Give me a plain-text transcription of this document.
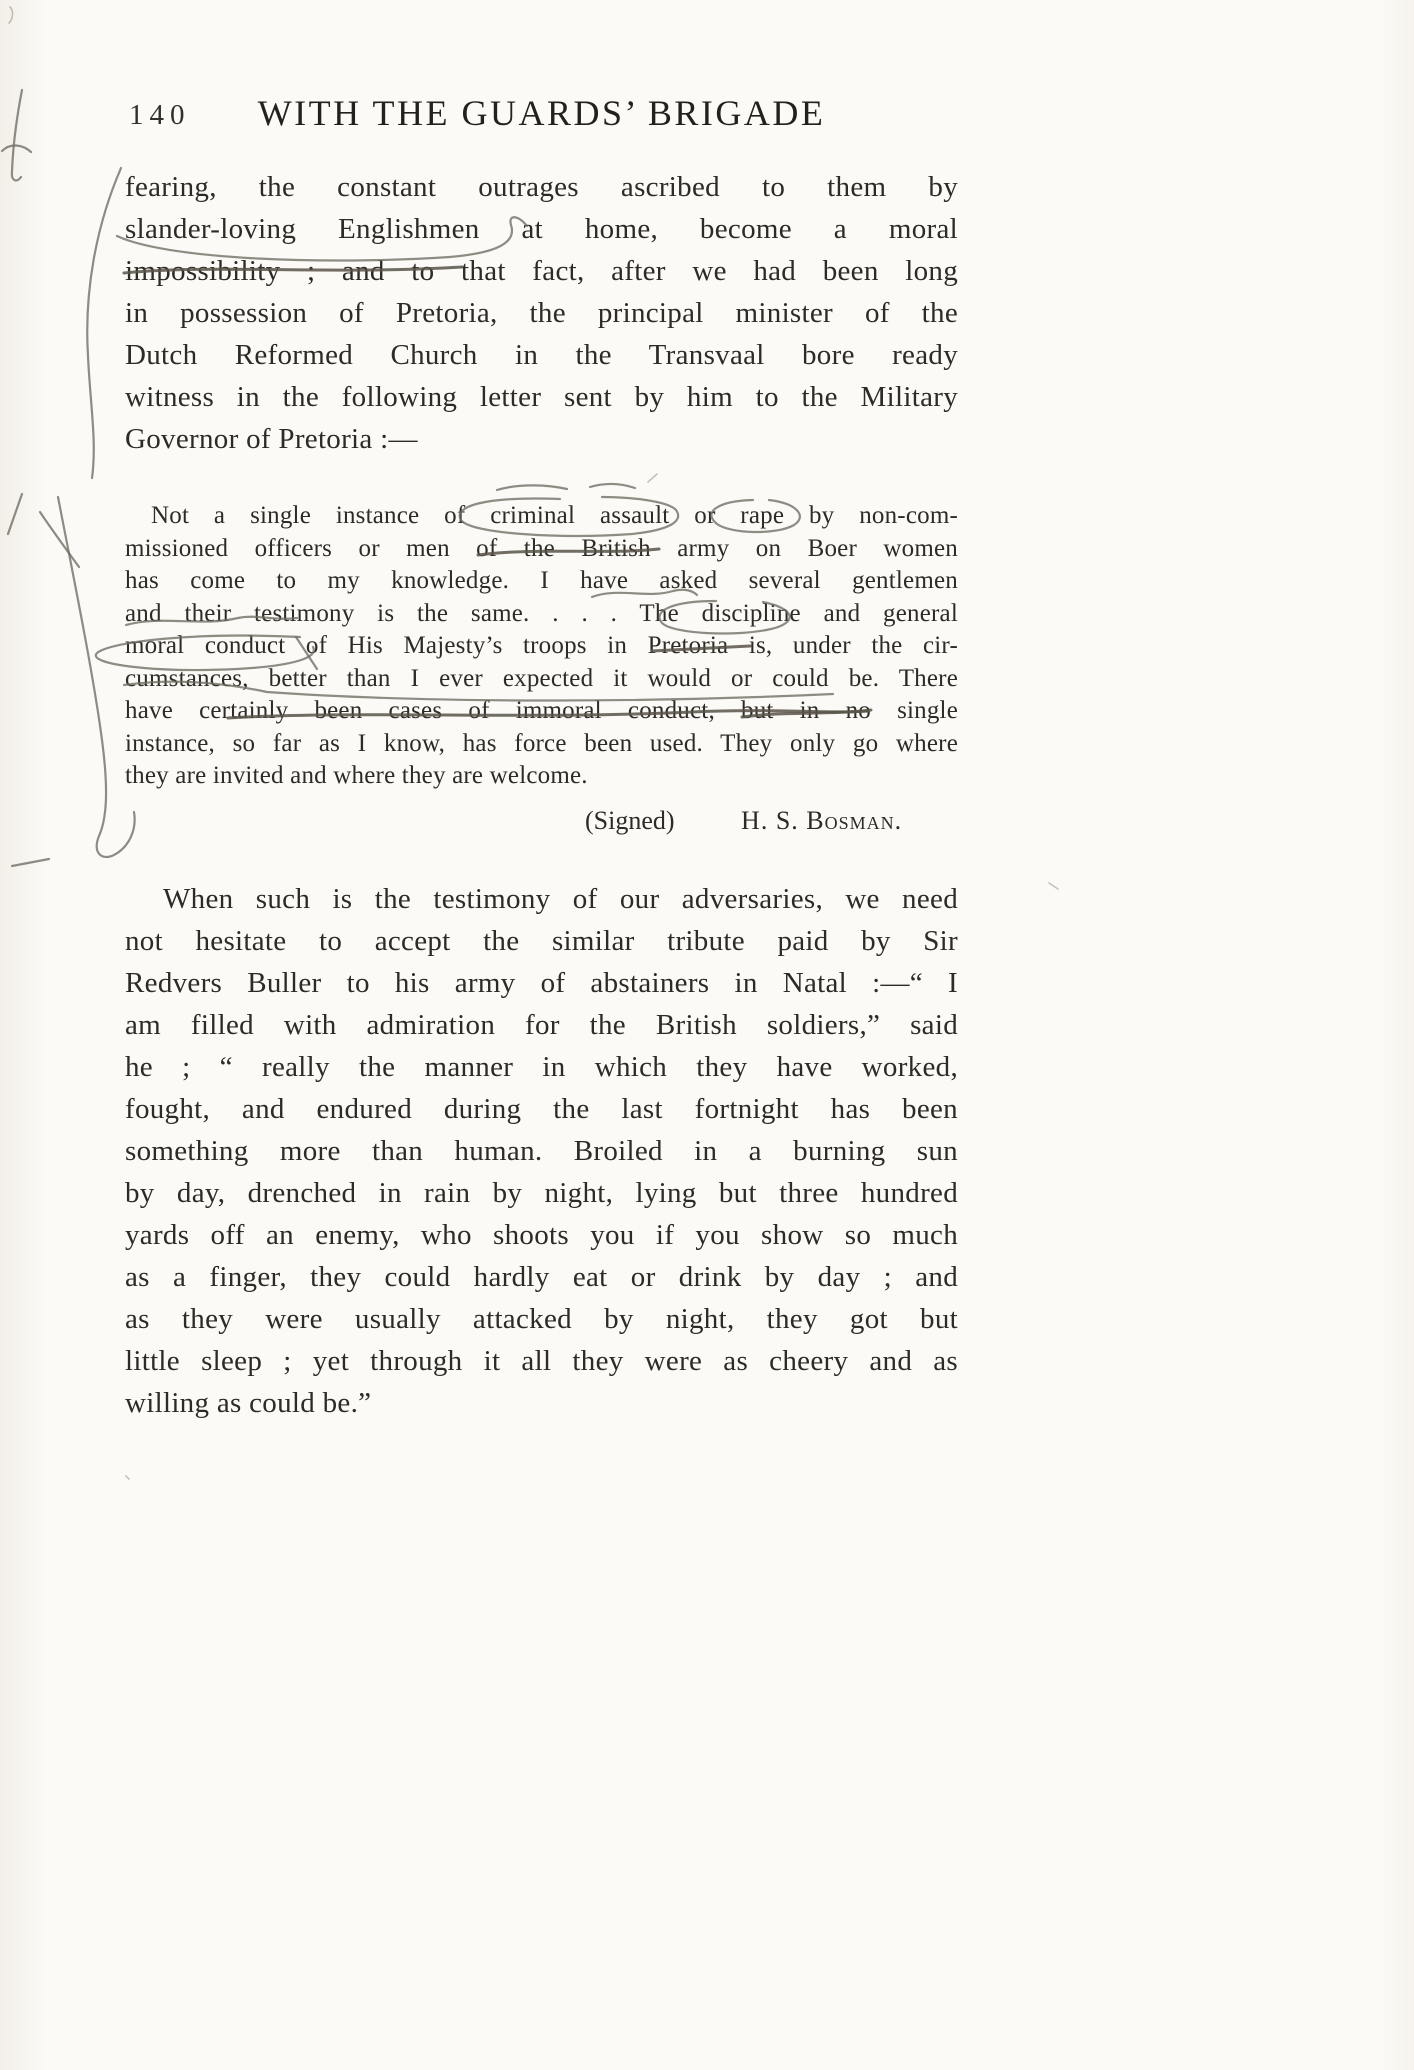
140 WITH THE GUARDS’ BRIGADE
fearing, the constant outrages ascribed to them by
slander-loving Englishmen at home, become a moral
impossibility ; and to that fact, after we had been long
in possession of Pretoria, the principal minister of the
Dutch Reformed Church in the Transvaal bore ready
witness in the following letter sent by him to the Military
Governor of Pretoria :—
Not a single instance of criminal assault or rape by non-com-
missioned officers or men of the British army on Boer women
has come to my knowledge. I have asked several gentlemen
and their testimony is the same. . . . The discipline and general
moral conduct of His Majesty’s troops in Pretoria is, under the cir-
cumstances, better than I ever expected it would or could be. There
have certainly been cases of immoral conduct, but in no single
instance, so far as I know, has force been used. They only go where
they are invited and where they are welcome.
(Signed)	H. S. Bosman.
When such is the testimony of our adversaries, we need
not hesitate to accept the similar tribute paid by Sir
Redvers Buller to his army of abstainers in Natal :—“ I
am filled with admiration for the British soldiers,” said
he ; “ really the manner in which they have worked,
fought, and endured during the last fortnight has been
something more than human. Broiled in a burning sun
by day, drenched in rain by night, lying but three hundred
yards off an enemy, who shoots you if you show so much
as a finger, they could hardly eat or drink by day ; and
as they were usually attacked by night, they got but
little sleep ; yet through it all they were as cheery and as
willing as could be.”
